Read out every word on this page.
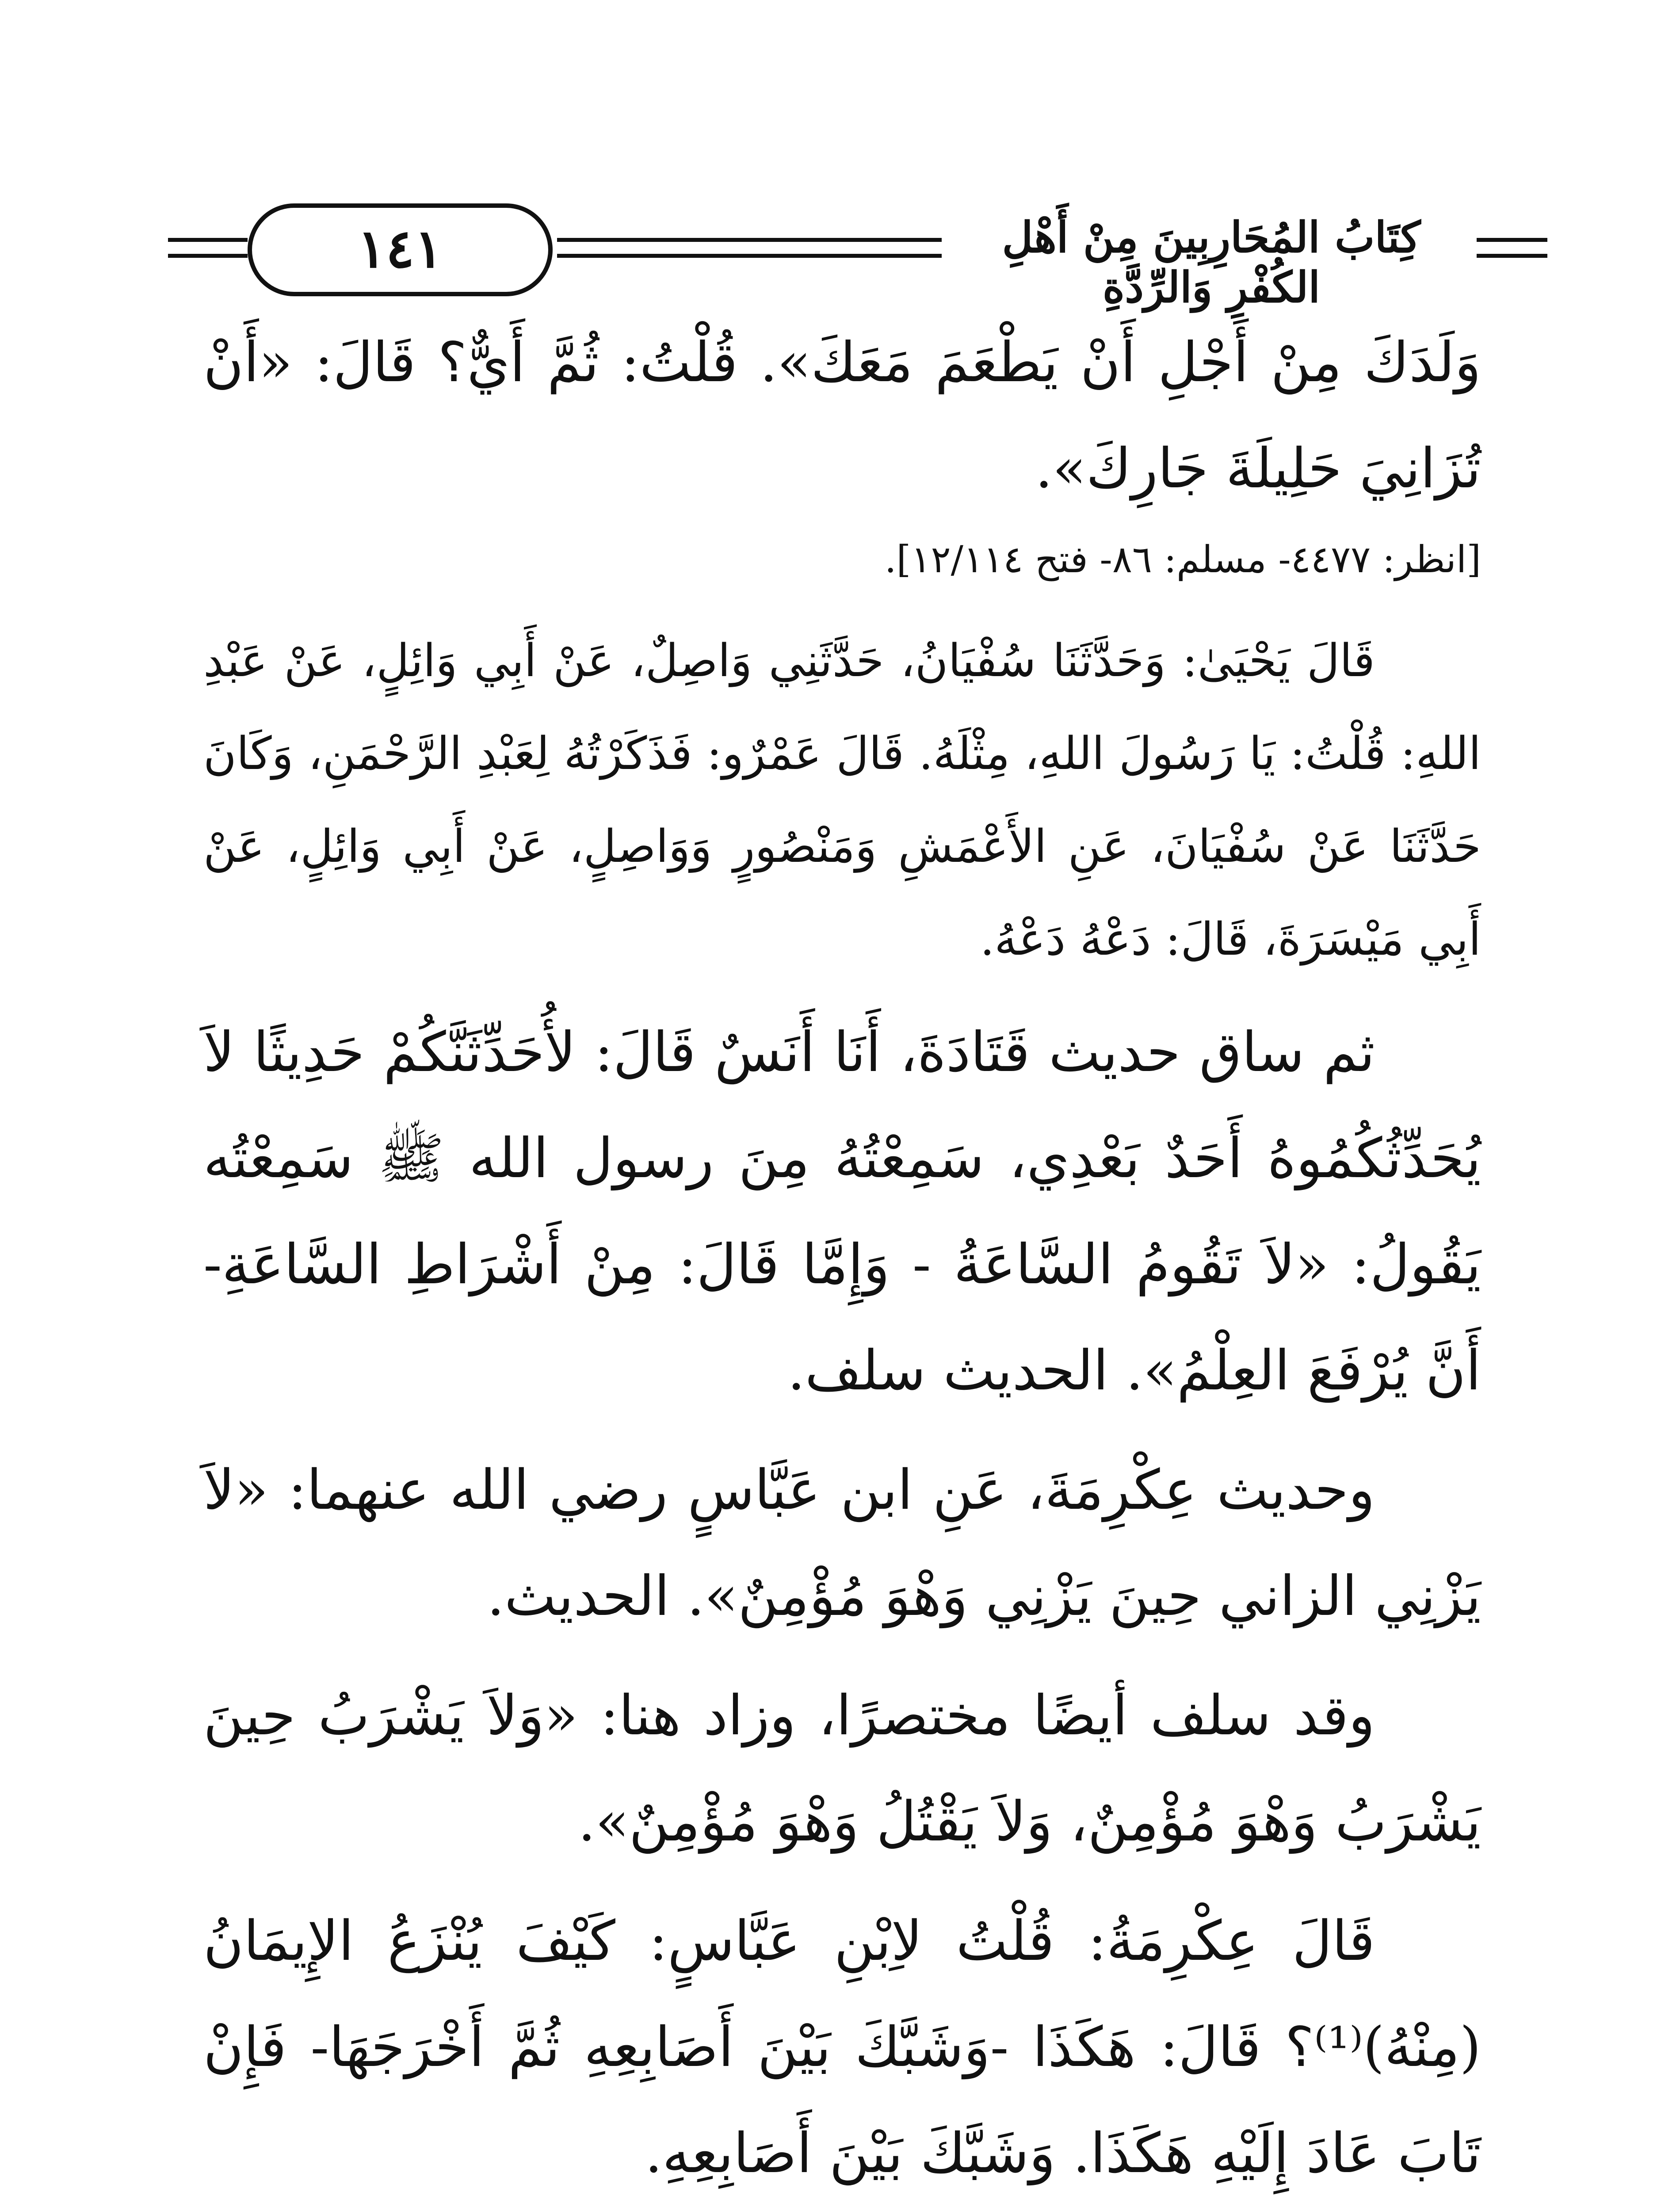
كِتَابُ المُحَارِبِينَ مِنْ أَهْلِ الكُفْرِ وَالرِّدَّةِ
١٤١

وَلَدَكَ مِنْ أَجْلِ أَنْ يَطْعَمَ مَعَكَ». قُلْتُ: ثُمَّ أَيٌّ؟ قَالَ: «أَنْ تُزَانِيَ حَلِيلَةَ جَارِكَ».

[انظر: ٤٤٧٧- مسلم: ٨٦- فتح ١٢/١١٤].

قَالَ يَحْيَىٰ: وَحَدَّثَنَا سُفْيَانُ، حَدَّثَنِي وَاصِلٌ، عَنْ أَبِي وَائِلٍ، عَنْ عَبْدِ اللهِ: قُلْتُ: يَا رَسُولَ اللهِ، مِثْلَهُ. قَالَ عَمْرٌو: فَذَكَرْتُهُ لِعَبْدِ الرَّحْمَنِ، وَكَانَ حَدَّثَنَا عَنْ سُفْيَانَ، عَنِ الأَعْمَشِ وَمَنْصُورٍ وَوَاصِلٍ، عَنْ أَبِي وَائِلٍ، عَنْ أَبِي مَيْسَرَةَ، قَالَ: دَعْهُ دَعْهُ.

ثم ساق حديث قَتَادَةَ، أَنَا أَنَسٌ قَالَ: لأُحَدِّثَنَّكُمْ حَدِيثًا لاَ يُحَدِّثُكُمُوهُ أَحَدٌ بَعْدِي، سَمِعْتُهُ مِنَ رسول الله ﷺ سَمِعْتُه يَقُولُ: «لاَ تَقُومُ السَّاعَةُ - وَإِمَّا قَالَ: مِنْ أَشْرَاطِ السَّاعَةِ- أَنَّ يُرْفَعَ العِلْمُ». الحديث سلف.

وحديث عِكْرِمَةَ، عَنِ ابن عَبَّاسٍ رضي الله عنهما: «لاَ يَزْنِي الزاني حِينَ يَزْنِي وَهْوَ مُؤْمِنٌ». الحديث.

وقد سلف أيضًا مختصرًا، وزاد هنا: «وَلاَ يَشْرَبُ حِينَ يَشْرَبُ وَهْوَ مُؤْمِنٌ، وَلاَ يَقْتُلُ وَهْوَ مُؤْمِنٌ».

قَالَ عِكْرِمَةُ: قُلْتُ لاِبْنِ عَبَّاسٍ: كَيْفَ يُنْزَعُ الإِيمَانُ (مِنْهُ)⁽¹⁾؟ قَالَ: هَكَذَا -وَشَبَّكَ بَيْنَ أَصَابِعِهِ ثُمَّ أَخْرَجَهَا- فَإِنْ تَابَ عَادَ إِلَيْهِ هَكَذَا. وَشَبَّكَ بَيْنَ أَصَابِعِهِ.
